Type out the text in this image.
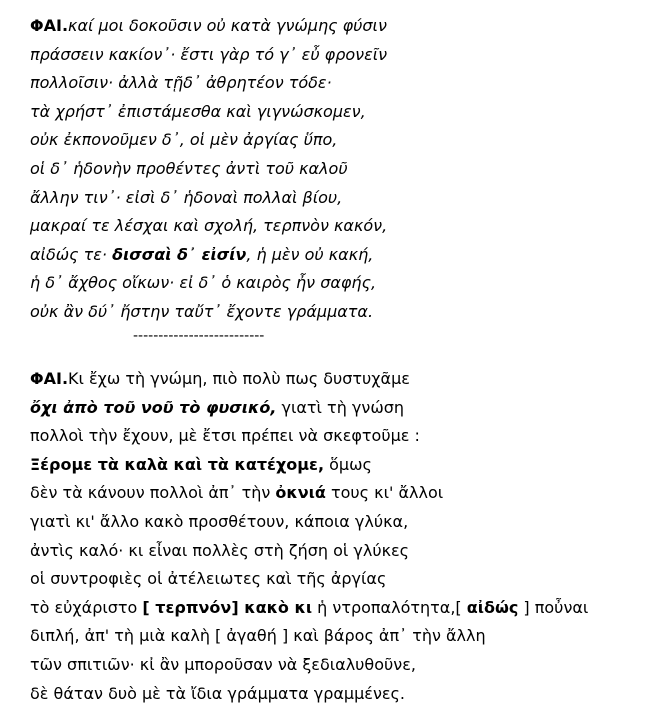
ΦΑΙ.καί μοι δοκοῦσιν οὐ κατὰ γνώμης φύσιν
πράσσειν κακίον᾽· ἔστι γὰρ τό γ᾽ εὖ φρονεῖν
πολλοῖσιν· ἀλλὰ τῇδ᾽ ἀθρητέον τόδε·
τὰ χρήστ᾽ ἐπιστάμεσθα καὶ γιγνώσκομεν,
οὐκ ἐκπονοῦμεν δ᾽, οἱ μὲν ἀργίας ὕπο,
οἱ δ᾽ ἡδονὴν προθέντες ἀντὶ τοῦ καλοῦ
ἄλλην τιν᾽· εἰσὶ δ᾽ ἡδοναὶ πολλαὶ βίου,
μακραί τε λέσχαι καὶ σχολή, τερπνὸν κακόν,
αἰδώς τε· δισσαὶ δ᾽ εἰσίν, ἡ μὲν οὐ κακή,
ἡ δ᾽ ἄχθος οἴκων· εἰ δ᾽ ὁ καιρὸς ἦν σαφής,
οὐκ ἂν δύ᾽ ἤστην ταὔτ᾽ ἔχοντε γράμματα.
--------------------------
ΦΑΙ.Κι ἔχω τὴ γνώμη, πιὸ πολὺ πως δυστυχᾶμε
ὄχι ἀπὸ τοῦ νοῦ τὸ φυσικό, γιατὶ τὴ γνώση
πολλοὶ τὴν ἔχουν, μὲ ἔτσι πρέπει νὰ σκεφτοῦμε :
Ξέρομε τὰ καλὰ καὶ τὰ κατέχομε, ὅμως
δὲν τὰ κάνουν πολλοὶ ἀπ᾽ τὴν ὀκνιά τους κι' ἄλλοι
γιατὶ κι' ἄλλο κακὸ προσθέτουν, κάποια γλύκα,
ἀντὶς καλό· κι εἶναι πολλὲς στὴ ζήση οἱ γλύκες
οἱ συντροφιὲς οἱ ἀτέλειωτες καὶ τῆς ἀργίας
τὸ εὐχάριστο [ τερπνόν] κακὸ κι ἡ ντροπαλότητα,[ αἰδώς ] ποὖναι
διπλή, ἀπ' τὴ μιὰ καλὴ [ ἀγαθή ] καὶ βάρος ἀπ᾽ τὴν ἄλλη
τῶν σπιτιῶν· κἰ ἂν μποροῦσαν νὰ ξεδιαλυθοῦνε,
δὲ θάταν δυὸ μὲ τὰ ἴδια γράμματα γραμμένες.
